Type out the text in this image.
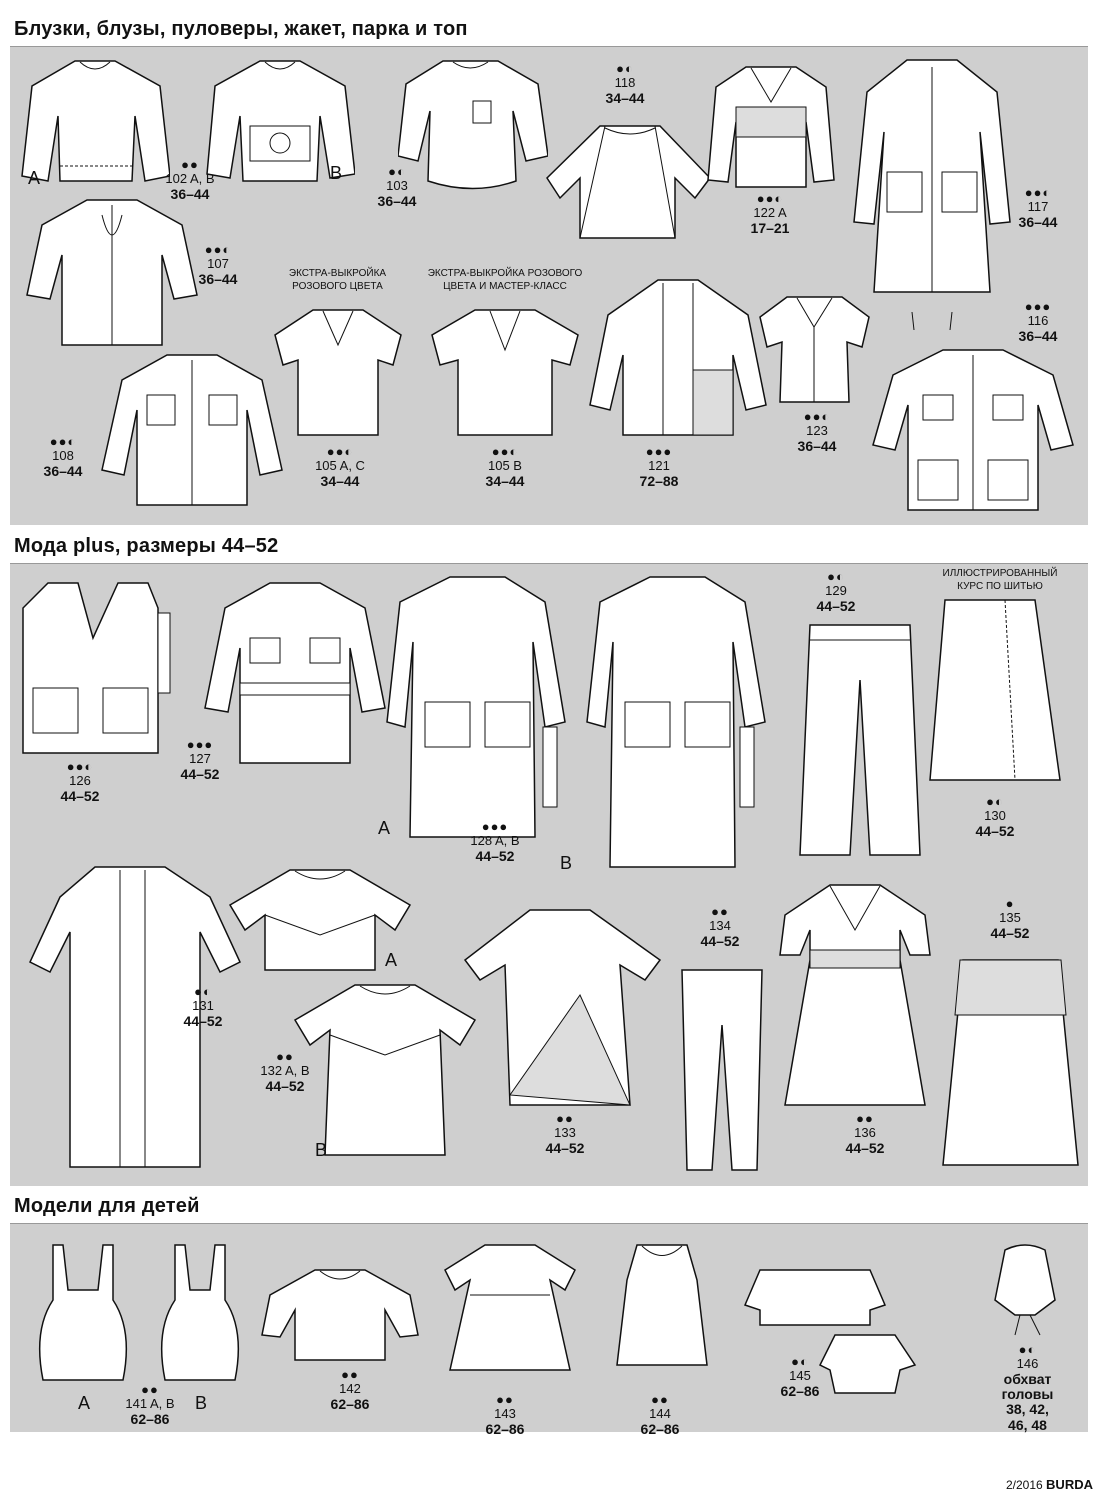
Блузки, блузы, пуловеры, жакет, парка и топ
Мода plus, размеры 44–52
Модели для детей
●●
102 A, B
36–44
●◐
103
36–44
●◐
118
34–44
●●◐
122 A
17–21
●●◐
117
36–44
●●◐
107
36–44
●●●
116
36–44
●●◐
108
36–44
●●◐
105 A, C
34–44
●●◐
105 B
34–44
●●●
121
72–88
●●◐
123
36–44
ЭКСТРА-ВЫКРОЙКА
РОЗОВОГО ЦВЕТА
ЭКСТРА-ВЫКРОЙКА РОЗОВОГО
ЦВЕТА И МАСТЕР-КЛАСС
A	B
●●◐
126
44–52
●●●
127
44–52
●●●
128 A, B
44–52
●◐
129
44–52
●◐
130
44–52
●◐
131
44–52
●●
132 A, B
44–52
●●
134
44–52
●
135
44–52
●●
133
44–52
●●
136
44–52
ИЛЛЮСТРИРОВАННЫЙ
КУРС ПО ШИТЬЮ
A
B
A
B
●●
141 A, B
62–86
●●
142
62–86	●●
143
62–86
●●
144
62–86
●◐
145
62–86
●◐
146
обхват
головы
38, 42,
46, 48
A	B
2/2016 BURDA
